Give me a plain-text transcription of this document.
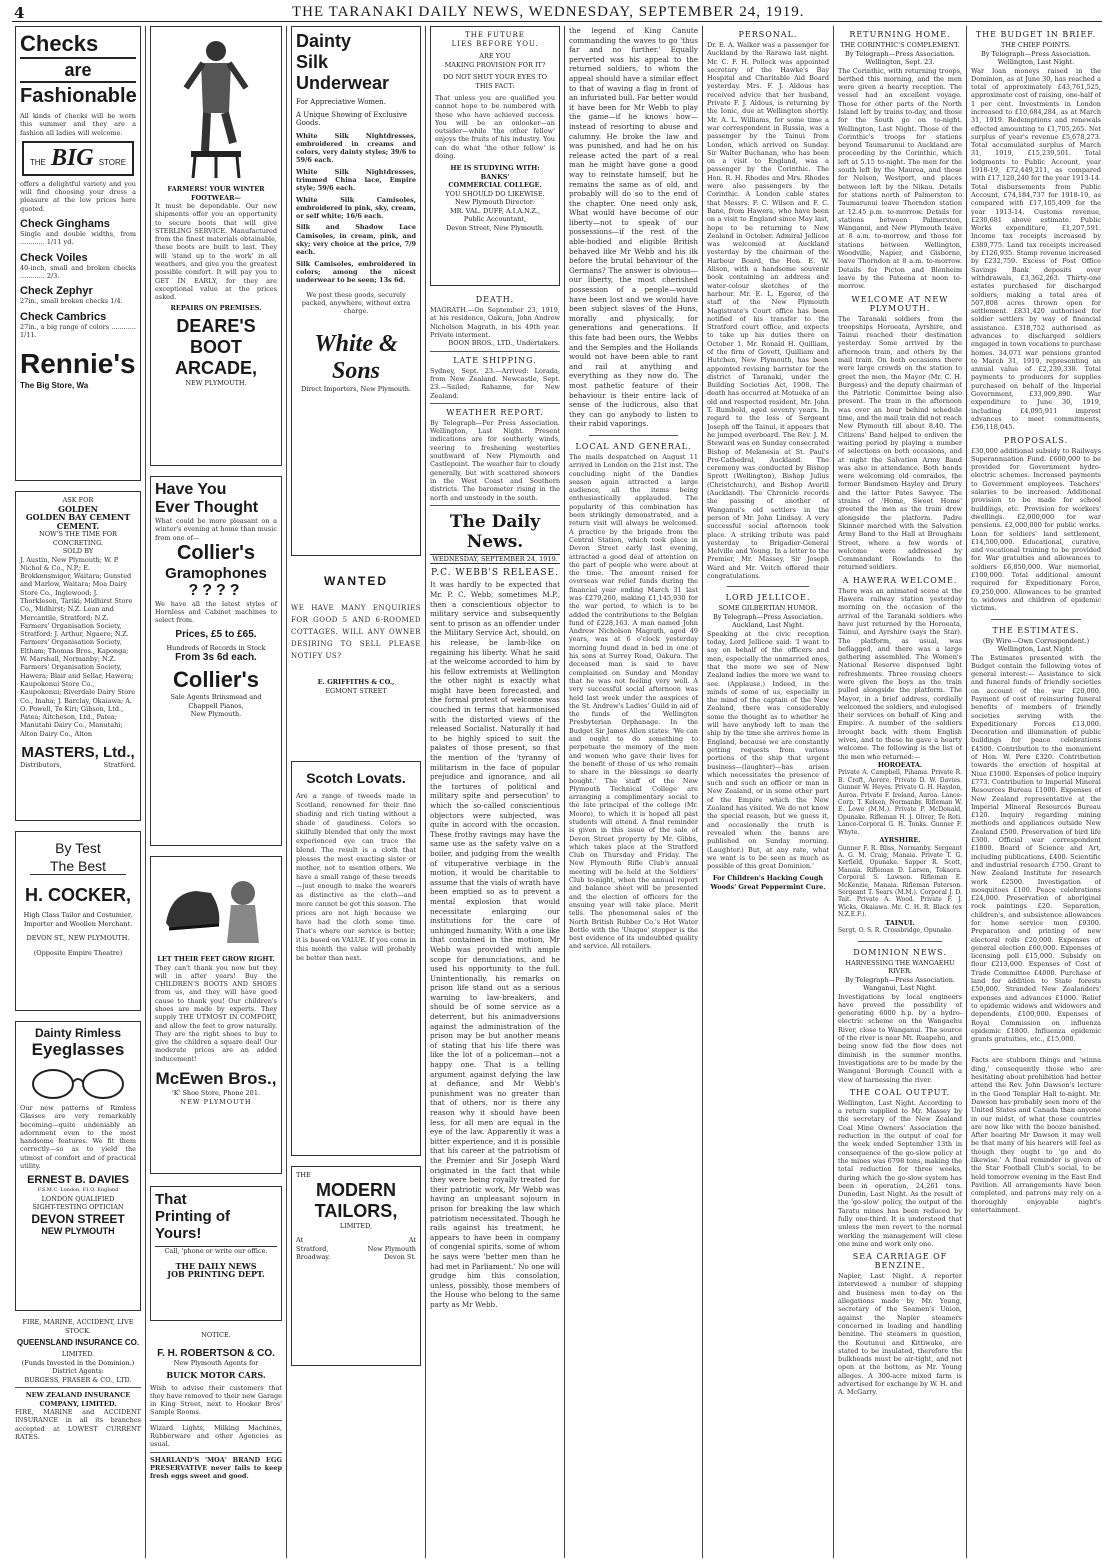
4	THE TARANAKI DAILY NEWS, WEDNESDAY, SEPTEMBER 24, 1919.
Checks
are
Fashionable
All kinds of checks will be worn this summer and they are a fashion all ladies will welcome.
THE BIG STORE
offers a delightful variety and you will find choosing your dress a pleasure at the low prices here quoted.
Check Ginghams
Single and double widths, from ............ 1/11 yd.
Check Voiles
40-inch, small and broken checks ............ 2/3.
Check Zephyr
27in., small broken checks 1/4.
Check Cambrics
27in., a big range of colors ............ 1/11.
Rennie's
The Big Store, Wa
ASK FOR
GOLDEN
GOLDEN BAY CEMENT
CEMENT.
NOW'S THE TIME FOR
CONCRETING.
SOLD BY
J. Austin, New Plymouth; W. P. Nichol & Co., N.P.; E. Brokkensmigor, Waitara; Gunsted and Marlow, Waitara; Moa Dairy Store Co., Inglewood; J. Thorkleson, Tariki; Midhirst Store Co., Midhirst; N.Z. Loan and Mercantile, Stratford; N.Z. Farmers' Organisation Society, Stratford; J. Arthur, Ngaere; N.Z. Farmers' Organisation Society, Eltham; Thomas Bros., Kaponga; W. Marshall, Normanby; N.Z. Farmers' Organisation Society, Hawera; Blair and Sellar, Hawera; Kaupokonui Store Co., Kaupokonui; Riverdale Dairy Store Co., Inaha; J. Barclay, Okaiawa; A. O. Powell, Te Kiri; Gibson, Ltd., Patea; Aitcheson, Ltd., Patea; Manutahi Dairy Co., Manutahi; Alton Dairy Co., Alton
MASTERS, Ltd.,
Distributors,	Stratford.
By Test
The Best
H. COCKER,
High Class Tailor and Costumier,
Importer and Woollen Merchant.
DEVON ST., NEW PLYMOUTH.
(Opposite Empire Theatre)
Dainty Rimless
Eyeglasses
Our new patterns of Rimless Glasses are very remarkably becoming—quite undeniably an adornment even to the most handsome features. We fit them correctly—so as to yield the utmost of comfort and of practical utility.
ERNEST B. DAVIES
F.S.M.C. London, F.I.O. England
LONDON QUALIFIED
SIGHT-TESTING OPTICIAN
DEVON STREET
NEW PLYMOUTH
FIRE, MARINE, ACCIDENT, LIVE STOCK.
QUEENSLAND INSURANCE CO.
LIMITED.
(Funds Invested in the Dominion.)
District Agents:
BURGESS, FRASER & CO., LTD.
NEW ZEALAND INSURANCE COMPANY, LIMITED.
FIRE, MARINE and ACCIDENT INSURANCE in all its branches accepted at LOWEST CURRENT RATES.
FARMERS! YOUR WINTER FOOTWEAR—
It must be dependable. Our new shipments offer you an opportunity to secure boots that will give STERLING SERVICE. Manufactured from the finest materials obtainable, these boots are built to last. They will 'stand up to the work' in all weathers, and give you the greatest possible comfort. It will pay you to GET IN EARLY, for they are exceptional value at the prices asked.
REPAIRS ON PREMISES.
DEARE'S
BOOT
ARCADE,
NEW PLYMOUTH.
Have You
Ever Thought
What could be more pleasant on a winter's evening at home than music from one of—
Collier's
Gramophones
????
We have all the latest styles of Hornless and Cabinet machines to select from.
Prices, £5 to £65.
Hundreds of Records in Stock
From 3s 6d each.
Collier's
Sale Agents Brinsmead and Chappell Pianos,
New Plymouth.
LET THEIR FEET GROW RIGHT.
They can't thank you now but they will in after years! Buy the CHILDREN'S BOOTS AND SHOES from us, and they will have good cause to thank you! Our children's shoes are made by experts. They supply THE UTMOST IN COMFORT, and allow the feet to grow naturally. They are the right shoes to buy to give the children a square deal! Our moderate prices are an added inducement!
McEwen Bros.,
'K' Shoe Store, Phone 201.
NEW PLYMOUTH
That
Printing of
Yours!
Call, 'phone or write our office.
THE DAILY NEWS
JOB PRINTING DEPT.
NOTICE.
F. H. ROBERTSON & CO.
New Plymouth Agents for
BUICK MOTOR CARS.
Wish to advise their customers that they have removed to their new Garage in King Street, next to Hooker Bros' Sample Rooms.
Wizard Lights, Milking Machines, Rubberware and other Agencies as usual.
SHARLAND'S 'MOA' BRAND EGG PRESERVATIVE never fails to keep fresh eggs sweet and good.
Dainty
Silk
Underwear
For Appreciative Women.
A Unique Showing of Exclusive Goods.
White Silk Nightdresses, embroidered in creams and colors, very dainty styles; 39/6 to 59/6 each.
White Silk Nightdresses, trimmed China lace, Empire style; 59/6 each.
White Silk Camisoles, embroidered in pink, sky, cream, or self white; 16/6 each.
Silk and Shadow Lace Camisoles, in cream, pink, and sky; very choice at the price, 7/9 each.
Silk Camisoles, embroidered in colors; among the nicest underwear to be seen; 13s 6d.
We post these goods, securely packed, anywhere, without extra charge.
White & Sons
Direct Importers, New Plymouth.
WANTED
WE HAVE MANY ENQUIRIES FOR GOOD 5 AND 6-ROOMED COTTAGES. WILL ANY OWNER DESIRING TO SELL PLEASE NOTIFY US?
E. GRIFFITHS & CO.,
EGMONT STREET
Scotch Lovats.
Are a range of tweeds made in Scotland, renowned for their fine shading and rich tinting without a shade of gaudiness. Colors so skilfully blended that only the most experienced eye can trace the blend. The result is a cloth that pleases the most exacting sister or mother, not to mention others. We have a small range of these tweeds—just enough to make the wearers as distinctive as the cloth—and more cannot be got this season. The prices are not high because we have had the cloth some time. That's where our service is better; it is based on VALUE. If you come in this month the value will probably be better than next.
THE
MODERN
TAILORS,
LIMITED,
At
Stratford,
Broadway.
At
New Plymouth
Devon St.
THE FUTURE
LIES BEFORE YOU.
ARE YOU
MAKING PROVISION FOR IT?
DO NOT SHUT YOUR EYES TO THIS FACT:
That unless you are qualified you cannot hope to be numbered with those who have achieved success. You will be an onlooker—an outsider—while 'the other fellow' enjoys the fruits of his industry. You can do what 'the other fellow' is doing.
HE IS STUDYING WITH:
BANKS'
COMMERCIAL COLLEGE.
YOU SHOULD DO LIKEWISE.
New Plymouth Director:
MR. VAL. DUFF, A.I.A.N.Z.,
Public Accountant,
Devon Street, New Plymouth.
DEATH.
MAGRATH.—On September 23, 1919, at his residence, Oakura, John Andrew Nicholson Magrath, in his 49th year. Private interment.
BOON BROS., LTD., Undertakers.
LATE SHIPPING.
Sydney, Sept. 23.—Arrived: Lorada, from New Zealand. Newcastle, Sept. 23.—Sailed: Rahanne, for New Zealand.
WEATHER REPORT.
By Telegraph—Per Press Association. Wellington, Last Night. Present indications are for southerly winds, veering to freshening westerlies southward of New Plymouth and Castlepoint. The weather fair to cloudy generally, but with scattered showers in the West Coast and Southern districts. The barometer rising in the north and unsteady in the south.
The Daily News.
WEDNESDAY, SEPTEMBER 24, 1919.
P.C. WEBB'S RELEASE.
It was hardly to be expected that Mr. P. C. Webb, sometimes M.P., then a conscientious objector to military service and subsequently sent to prison as an offender under the Military Service Act, should, on his release, be lamb-like on regaining his liberty. What he said at the welcome accorded to him by his fellow extremists at Wellington the other night is exactly what might have been forecasted, and the formal protest of welcome was couched in terms that harmonised with the distorted views of the released Socialist. Naturally it had to be highly spiced to suit the palates of those present, so that the mention of the 'tyranny of militarism in the face of popular prejudice and ignorance, and all the tortures of political and military spite and persecution' to which the so-called conscientious objectors were subjected, was quite in accord with the occasion. These frothy ravings may have the same use as the safety valve on a boiler, and judging from the wealth of vituperative verbiage in the motion, it would be charitable to assume that the vials of wrath have been emptied so as to prevent a mental explosion that would necessitate enlarging our institutions for the care of unhinged humanity. With a one like that contained in the motion, Mr Webb was provided with ample scope for denunciations, and he used his opportunity to the full. Unintentionally, his remarks on prison life stand out as a serious warning to law-breakers, and should be of some service as a deterrent, but his animadversions against the administration of the prison may be but another means of stating that his life there was like the lot of a policeman—not a happy one. That is a telling argument against defying the law at defiance, and Mr Webb's punishment was no greater than that of others, nor is there any reason why it should have been less, for all men are equal in the eye of the law. Apparently it was a bitter experience, and it is possible that his career at the patriotism of the Premier and Sir Joseph Ward originated in the fact that while they were being royally treated for their patriotic work, Mr Webb was having an unpleasant sojourn in prison for breaking the law which patriotism necessitated. Though he rails against his treatment, he appears to have been in company of congenial spirits, some of whom he says were 'better men than he had met in Parliament.' No one will grudge him this consolation, unless, possibly, those members of the House who belong to the same party as Mr Webb.
the legend of King Canute commanding the waves to go 'thus far and no further.' Equally perverted was his appeal to the returned soldiers, to whom the appeal should have a similar effect to that of waving a flag in front of an infuriated bull. Far better would it have been for Mr Webb to play the game—if he knows how—instead of resorting to abuse and calumny. He broke the law and was punished, and had he on his release acted the part of a real man he might have gone a good way to reinstate himself, but he remains the same as of old, and probably will do so to the end of the chapter. One need only ask, What would have become of our liberty—not to speak of our possessions—if the rest of the able-bodied and eligible British behaved like Mr Webb and his ilk before the brutal behaviour of the Germans? The answer is obvious—our liberty, the most cherished possession of a people—would have been lost and we would have been subject slaves of the Huns, morally and physically, for generations and generations. If this fate had been ours, the Webbs and the Semples and the Hollands would not have been able to rant and rail at anything and everything as they now do. The most pathetic feature of their behaviour is their entire lack of sense of the ludicrous, also that they can go anybody to listen to their rabid vaporings.
LOCAL AND GENERAL.
The mails despatched on August 11 arrived in London on the 21st inst. The concluding night of the Dandies season again attracted a large audience, all the items being enthusiastically applauded. The popularity of this combination has been strikingly demonstrated, and a return visit will always be welcomed. A practice by the brigade from the Central Station, which took place in Devon Street early last evening, attracted a good deal of attention on the part of people who were about at the time. The amount raised for overseas war relief funds during the financial year ending March 31 last was £279,260, making £1,145,930 for the war period, to which is to be added the contributions to the Belgian fund of £228,163. A man named John Andrew Nicholson Magrath, aged 49 years, was at 6 o'clock yesterday morning found dead in bed in one of his sons at Surrey Road, Oakura. The deceased man is said to have complained on Sunday and Monday that he was not feeling very well. A very successful social afternoon was held last week under the auspices of the St. Andrew's Ladies' Guild in aid of the funds of the Wellington Presbyterian Orphanage. In the Budget Sir James Allen states: 'We can and ought to do something to perpetuate the memory of the men and women who gave their lives for the benefit of those of us who remain to share in the blessings so dearly bought.' The staff of the New Plymouth Technical College are arranging a complimentary social to the late principal of the college (Mr. Moore), to which it is hoped all past students will attend. A final reminder is given in this issue of the sale of Devon Street property by Mr. Gibbs, which takes place at the Stratford Club on Thursday and Friday. The New Plymouth Rifle Club's annual meeting will be held at the Soldiers' Club to-night, when the annual report and balance sheet will be presented and the election of officers for the ensuing year will take place. Merit tells. The phenomenal sales of the North British Rubber Co.'s Hot Water Bottle with the 'Unique' stopper is the best evidence of its undoubted quality and service. All retailers.
PERSONAL.
Dr. E. A. Walker was a passenger for Auckland by the Rarawa last night. Mr. C. F. H. Pollock was appointed secretary of the Hawke's Bay Hospital and Charitable Aid Board yesterday. Mrs. F. J. Aldous has received advice that her husband, Private F. J. Aldous, is returning by the Ionic, due at Wellington shortly. Mr. A. L. Williams, for some time a war correspondent in Russia, was a passenger by the Tainui from London, which arrived on Sunday. Sir Walter Buchanan, who has been on a visit to England, was a passenger by the Corinthic. The Hon. R. H. Rhodes and Mrs. Rhodes were also passengers by the Corinthic. A London cable states that Messrs. F. C. Wilson and F. C. Bane, from Hawera, who have been on a visit to England since May last, hope to be returning to New Zealand in October. Admiral Jellicoe was welcomed at Auckland yesterday by the chairman of the Harbour Board, the Hon. E. W. Alison, with a handsome souvenir book containing an address and water-colour sketches of the harbour. Mr. E. L. Egerer, of the staff of the New Plymouth Magistrate's Court office has been notified of his transfer to the Stratford court office, and expects to take up his duties there on October 1. Mr. Ronald H. Quilliam, of the firm of Govett, Quilliam and Hutchen, New Plymouth, has been appointed revising barrister for the district of Taranaki, under the Building Societies Act, 1908. The death has occurred at Motueka of an old and respected resident, Mr. John T. Rumbold, aged seventy years. In regard to the loss of Sergeant Joseph off the Tainui, it appears that he jumped overboard. The Rev. J. M. Steward was on Sunday consecrated Bishop of Melanesia at St. Paul's Pro-Cathedral, Auckland. The ceremony was conducted by Bishop Sprott (Wellington), Bishop Julius (Christchurch), and Bishop Averill (Auckland). The Chronicle records the passing of another of Wanganui's old settlers in the person of Mr. John Lindsay. A very successful social afternoon took place. A striking tribute was paid yesterday to Brigadier-General Melville and Young. In a letter to the Premier, Mr. Massey, Sir Joseph Ward and Mr. Veitch offered their congratulations.
LORD JELLICOE.
SOME GILBERTIAN HUMOR.
By Telegraph—Press Association. Auckland, Last Night.
Speaking at the civic reception today, Lord Jellicoe said: 'I want to say on behalf of the officers and men, especially the unmarried ones, that the more we see of New Zealand ladies the more we want to see. (Applause.) Indeed, in the minds of some of us, especially in the mind of the captain of the New Zealand, there was considerably some the thought as to whether he will have anybody left to man the ship by the time she arrives home in England, because we are constantly getting requests from various portions of the ship that urgent business—(laughter)—has arisen which necessitates the presence of such and such an officer or man in New Zealand, or in some other part of the Empire which the New Zealand has visited. We do not know the special reason, but we guess it, and occasionally the truth is revealed when the banns are published on Sunday morning. (Laughter.) But, at any rate, what we want is to be seen as much as possible of this great Dominion.'
For Children's Hacking Cough Woods' Great Peppermint Cure.
RETURNING HOME.
THE CORINTHIC'S COMPLEMENT.
By Telegraph—Press Association. Wellington, Sept. 23.
The Corinthic, with returning troops, berthed this morning, and the men were given a hearty reception. The vessel had an excellent voyage. Those for other parts of the North Island left by trains to-day, and those for the South go on to-night. Wellington, Last Night. Those of the Corinthic's troops for stations beyond Taumarunui to Auckland are proceeding by the Corinthic, which left at 5.15 to-night. The men for the south left by the Maurea, and those for Nelson, Westport, and places between left by the Nikau. Details for stations north of Palmerston to Taumarunui leave Thorndon station at 12.45 p.m. to-morrow. Details for stations between Palmerston, Wanganui, and New Plymouth leave at 8 a.m. to-morrow, and those for stations between Wellington, Woodville, Napier, and Gisborne, leave Thorndon at 8 a.m. to-morrow. Details for Picton and Blenheim leave by the Pateena at noon to-morrow.
WELCOME AT NEW PLYMOUTH.
The Taranaki soldiers from the troopships Horoeata, Ayrshire, and Tainui reached their destination yesterday. Some arrived by the afternoon train, and others by the mail train. On both occasions there were large crowds on the station to greet the men, the Mayor (Mr. C. H. Burgess) and the deputy chairman of the Patriotic Committee being also present. The train in the afternoon was over an hour behind schedule time, and the mail train did not reach New Plymouth till about 8.40. The Citizens' Band helped to enliven the waiting period by playing a number of selections on both occasions, and at night the Salvation Army Band was also in attendance. Both bands were welcoming old comrades, the former Bandsmen Hayley and Drury and the latter Pates Sawyer. The strains of 'Home, Sweet Home' greeted the men as the train drew alongside the platform. Padre Skinner marched with the Salvation Army Band to the Hall at Brougham Street, where a few words of welcome were addressed by Commandant Rowlands to the returned soldiers.
A HAWERA WELCOME.
There was an animated scene at the Hawera railway station yesterday morning on the occasion of the arrival of the Taranaki soldiers who have just returned by the Horoeata, Tainui, and Ayrshire (says the Star). The platform, as usual, was beflagged, and there was a large gathering assembled. The Women's National Reserve dispensed light refreshments. Three rousing cheers were given the boys as the train pulled alongside the platform. The Mayor, in a brief address, cordially welcomed the soldiers, and eulogised their services on behalf of King and Empire. A number of the soldiers brought back with them English wives, and to these he gave a hearty welcome. The following is the list of the men who returned:—
HOROEATA.
Private A. Campbell, Pihama. Private R. B. Croft, Aorere. Private D. W. Davies. Gunner W. Heyes. Private G. H. Haydon, Auroa. Private F. Ireland, Auroa. Lance-Corp. T. Kelsen, Normanby. Rifleman W. E. Lowe (M.M.). Private P. McDonald, Opunake. Rifleman H. J. Oliver, Te Roti. Lance-Corporal G. H. Tonks. Gunner F. Whyte.
AYRSHIRE.
Gunner F. R. Bliss, Normanby. Sergeant A. G. M. Craig, Manaia. Private T. G. Kerfield, Opunake. Sapper R. Scott, Manaia. Rifleman D. Larsen, Tokaora. Corporal S. Lawson. Rifleman E. McKenzie, Manaia. Rifleman Paterson. Sergeant T. Sears (M.M.). Corporal J. D. Tait. Private A. Wood. Private F. J. Wicks, Okaiawa. Mr. C. H. R. Black (ex N.Z.E.F.).
TAINUI.
Sergt. O. S. R. Crossbridge, Opunake.
DOMINION NEWS.
HARNESSING THE WANGAEHU RIVER.
By Telegraph—Press Association. Wanganui, Last Night.
Investigations by local engineers have proved the possibility of generating 6000 h.p. by a hydro-electric scheme on the Wangaehu River, close to Wanganui. The source of the river is near Mt. Ruapehu, and being snow fed the flow does not diminish in the summer months. Investigations are to be made by the Wanganui Borough Council with a view of harnessing the river.
THE COAL OUTPUT.
Wellington, Last Night. According to a return supplied to Mr. Massey by the secretary of the New Zealand Coal Mine Owners' Association the reduction in the output of coal for the week ended September 13th in consequence of the go-slow policy at the mines was 6798 tons, making the total reduction for three weeks, during which the go-slow system has been in operation, 24,261 tons. Dunedin, Last Night. As the result of the 'go-slow' policy, the output of the Taratu mines has been reduced by fully one-third. It is understood that unless the men revert to the normal working the management will close one mine and work only one.
SEA CARRIAGE OF BENZINE.
Napier, Last Night. A reporter interviewed a number of shipping and business men to-day on the allegations made by Mr. Young, secretary of the Seamen's Union, against the Napier steamers concerned in loading and handling benzine. The steamers in question, the Koutunui and Kittiwake, are stated to be insulated, therefore the bulkheads must be air-tight, and not open at the bottom, as Mr. Young alleges. A 300-acre mixed farm is advertised for exchange by W. H. and A. McGarry.
THE BUDGET IN BRIEF.
THE CHIEF POINTS.
By Telegraph—Press Association. Wellington, Last Night.
War loan moneys raised in the Dominion, as at June 30, has reached a total of approximately £43,761,525, approximate cost of raising, one-half of 1 per cent. Investments in London increased to £10,684,284, as at March 31, 1919. Redemptions and renewals effected amounting to £1,705,265. Net surplus of year's revenue £5,678,273. Total accumulated surplus of March 31, 1919, £15,239,501. Total lodgments to Public Account, year 1918-19, £72,449,211, as compared with £17,120,240 for the year 1913-14. Total disbursements from Public Account, £74,184,737 for 1918-19, as compared with £17,105,409 for the year 1913-14. Customs revenue, £230,681 above estimate. Public Works expenditure, £1,207,591. Income tax receipts increased by £389,775. Land tax receipts increased by £126,935. Stamp revenue increased by £232,759. Excess of Post Office Savings Bank deposits over withdrawals, £3,362,263. Thirty-one estates purchased for discharged soldiers, making a total area of 507,808 acres thrown open for settlement. £831,420 authorised for soldier settlers by way of financial assistance. £318,752 authorised as advances to discharged soldiers engaged in town vocations to purchase homes. 34,071 war pensions granted to March 31, 1919, representing an annual value of £2,239,338. Total payments to producers for supplies purchased on behalf of the Imperial Government, £33,909,890. War expenditure to June 30, 1919, including £4,095,911 imprest advances to meet commitments, £56,118,045.
PROPOSALS.
£30,000 additional subsidy to Railways Superannuation Fund. £600,000 to be provided for Government hydro-electric schemes. Increased payments to Government employees. Teachers' salaries to be increased. Additional provision to be made for school buildings, etc. Provision for workers' dwellings. £2,000,000 for war pensions. £2,000,000 for public works. Loan for soldiers' land settlement, £14,500,000. Educational, curative, and vocational training to be provided for. War gratuities and allowances to soldiers £6,850,000. War memorial, £100,000. Total additional amount required for Expeditionary Force, £9,250,000. Allowances to be granted to widows and children of epidemic victims.
THE ESTIMATES.
(By Wire—Own Correspondent.) Wellington, Last Night.
The Estimates presented with the Budget contain the following votes of general interest:— Assistance to sick and funeral funds of friendly societies on account of the war £20,000. Payment of cost of reinsuring funeral benefits of members of friendly societies serving with the Expeditionary Forces £13,000. Decoration and illumination of public buildings for peace celebrations £4500. Contribution to the monument of Hon. W. Pere £320. Contribution towards the erection of hospital at Niue £1000. Expenses of police inquiry £773. Contribution to Imperial Mineral Resources Bureau £1000. Expenses of New Zealand representative at the Imperial Mineral Resources Bureau £120. Inquiry regarding mining methods and appliances outside New Zealand £500. Preservation of bird life £300. Official war correspondent £1800. Board of Science and Art, including publications, £400. Scientific and industrial research £750. Grant to New Zealand Institute for research work £2500. Investigation of mosquitoes £100. Peace celebrations £24,000. Preservation of aboriginal rock paintings £20. Separation, children's, and subsistence allowances for home service men £9300. Preparation and printing of new electoral rolls £20,000. Expenses of general election £60,000. Expenses of licensing poll £15,000. Subsidy on flour £213,000. Expenses of Cost of Trade Committee £4000. Purchase of land for addition to State forests £50,000. Stranded New Zealanders' expenses and advances £1000. Relief to epidemic widows and widowers and dependents, £100,000. Expenses of Royal Commission on influenza epidemic £1800. Influenza epidemic grants gratuities, etc., £15,000.
Facts are stubborn things and 'winna ding,' consequently those who are hesitating about prohibition had better attend the Rev. John Dawson's lecture in the Good Templar Hall to-night. Mr. Dawson has probably seen more of the United States and Canada than anyone in our midst, of what those countries are now like with the booze banished. After hearing Mr Dawson it may well be that many of his hearers will feel as though they ought to 'go and do likewise.' A final reminder is given of the Star Football Club's social, to be held tomorrow evening in the East End Pavilion. All arrangements have been completed, and patrons may rely on a thoroughly enjoyable night's entertainment.
